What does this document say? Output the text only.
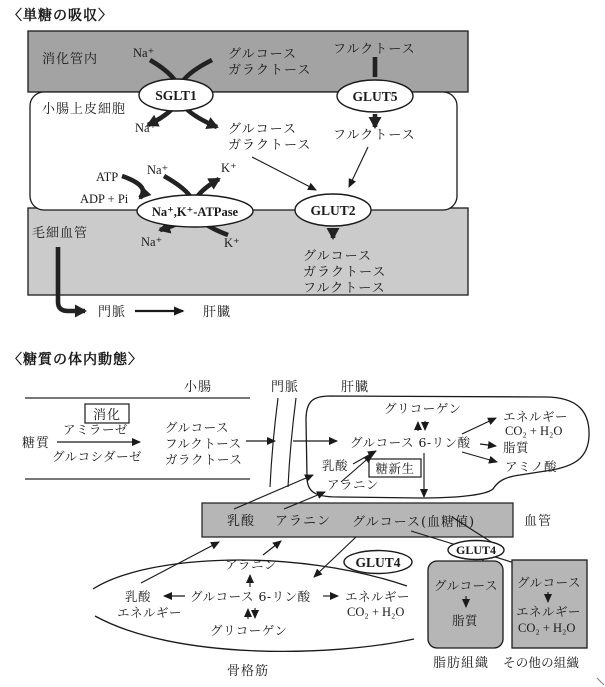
〈単糖の吸収〉
消化管内
小腸上皮細胞
毛細血管
Na⁺	グルコース
ガラクトース
フルクトース
SGLT1	GLUT5
Na⁺	グルコース
ガラクトース
フルクトース
ATP
ADP + Pi
Na⁺	K⁺
Na⁺	K⁺
Na⁺,K⁺-ATPase	GLUT2
グルコース
ガラクトース
フルクトース
門脈	肝臓
〈糖質の体内動態〉
小腸	門脈	肝臓
消化
アミラーゼ
糖質
グルコシダーゼ
グルコース
フルクトース
ガラクトース
グリコーゲン
グルコース 6-リン酸
乳酸 糖新生
アラニン
エネルギー
CO₂ + H₂O
脂質
アミノ酸
乳酸 アラニン グルコース(血糖値)	血管
GLUT4
アラニン
乳酸	グルコース 6-リン酸
エネルギー
エネルギー
CO₂ + H₂O
グリコーゲン
骨格筋
GLUT4
グルコース
脂質
脂肪組織
グルコース
エネルギー
CO₂ + H₂O
その他の組織
